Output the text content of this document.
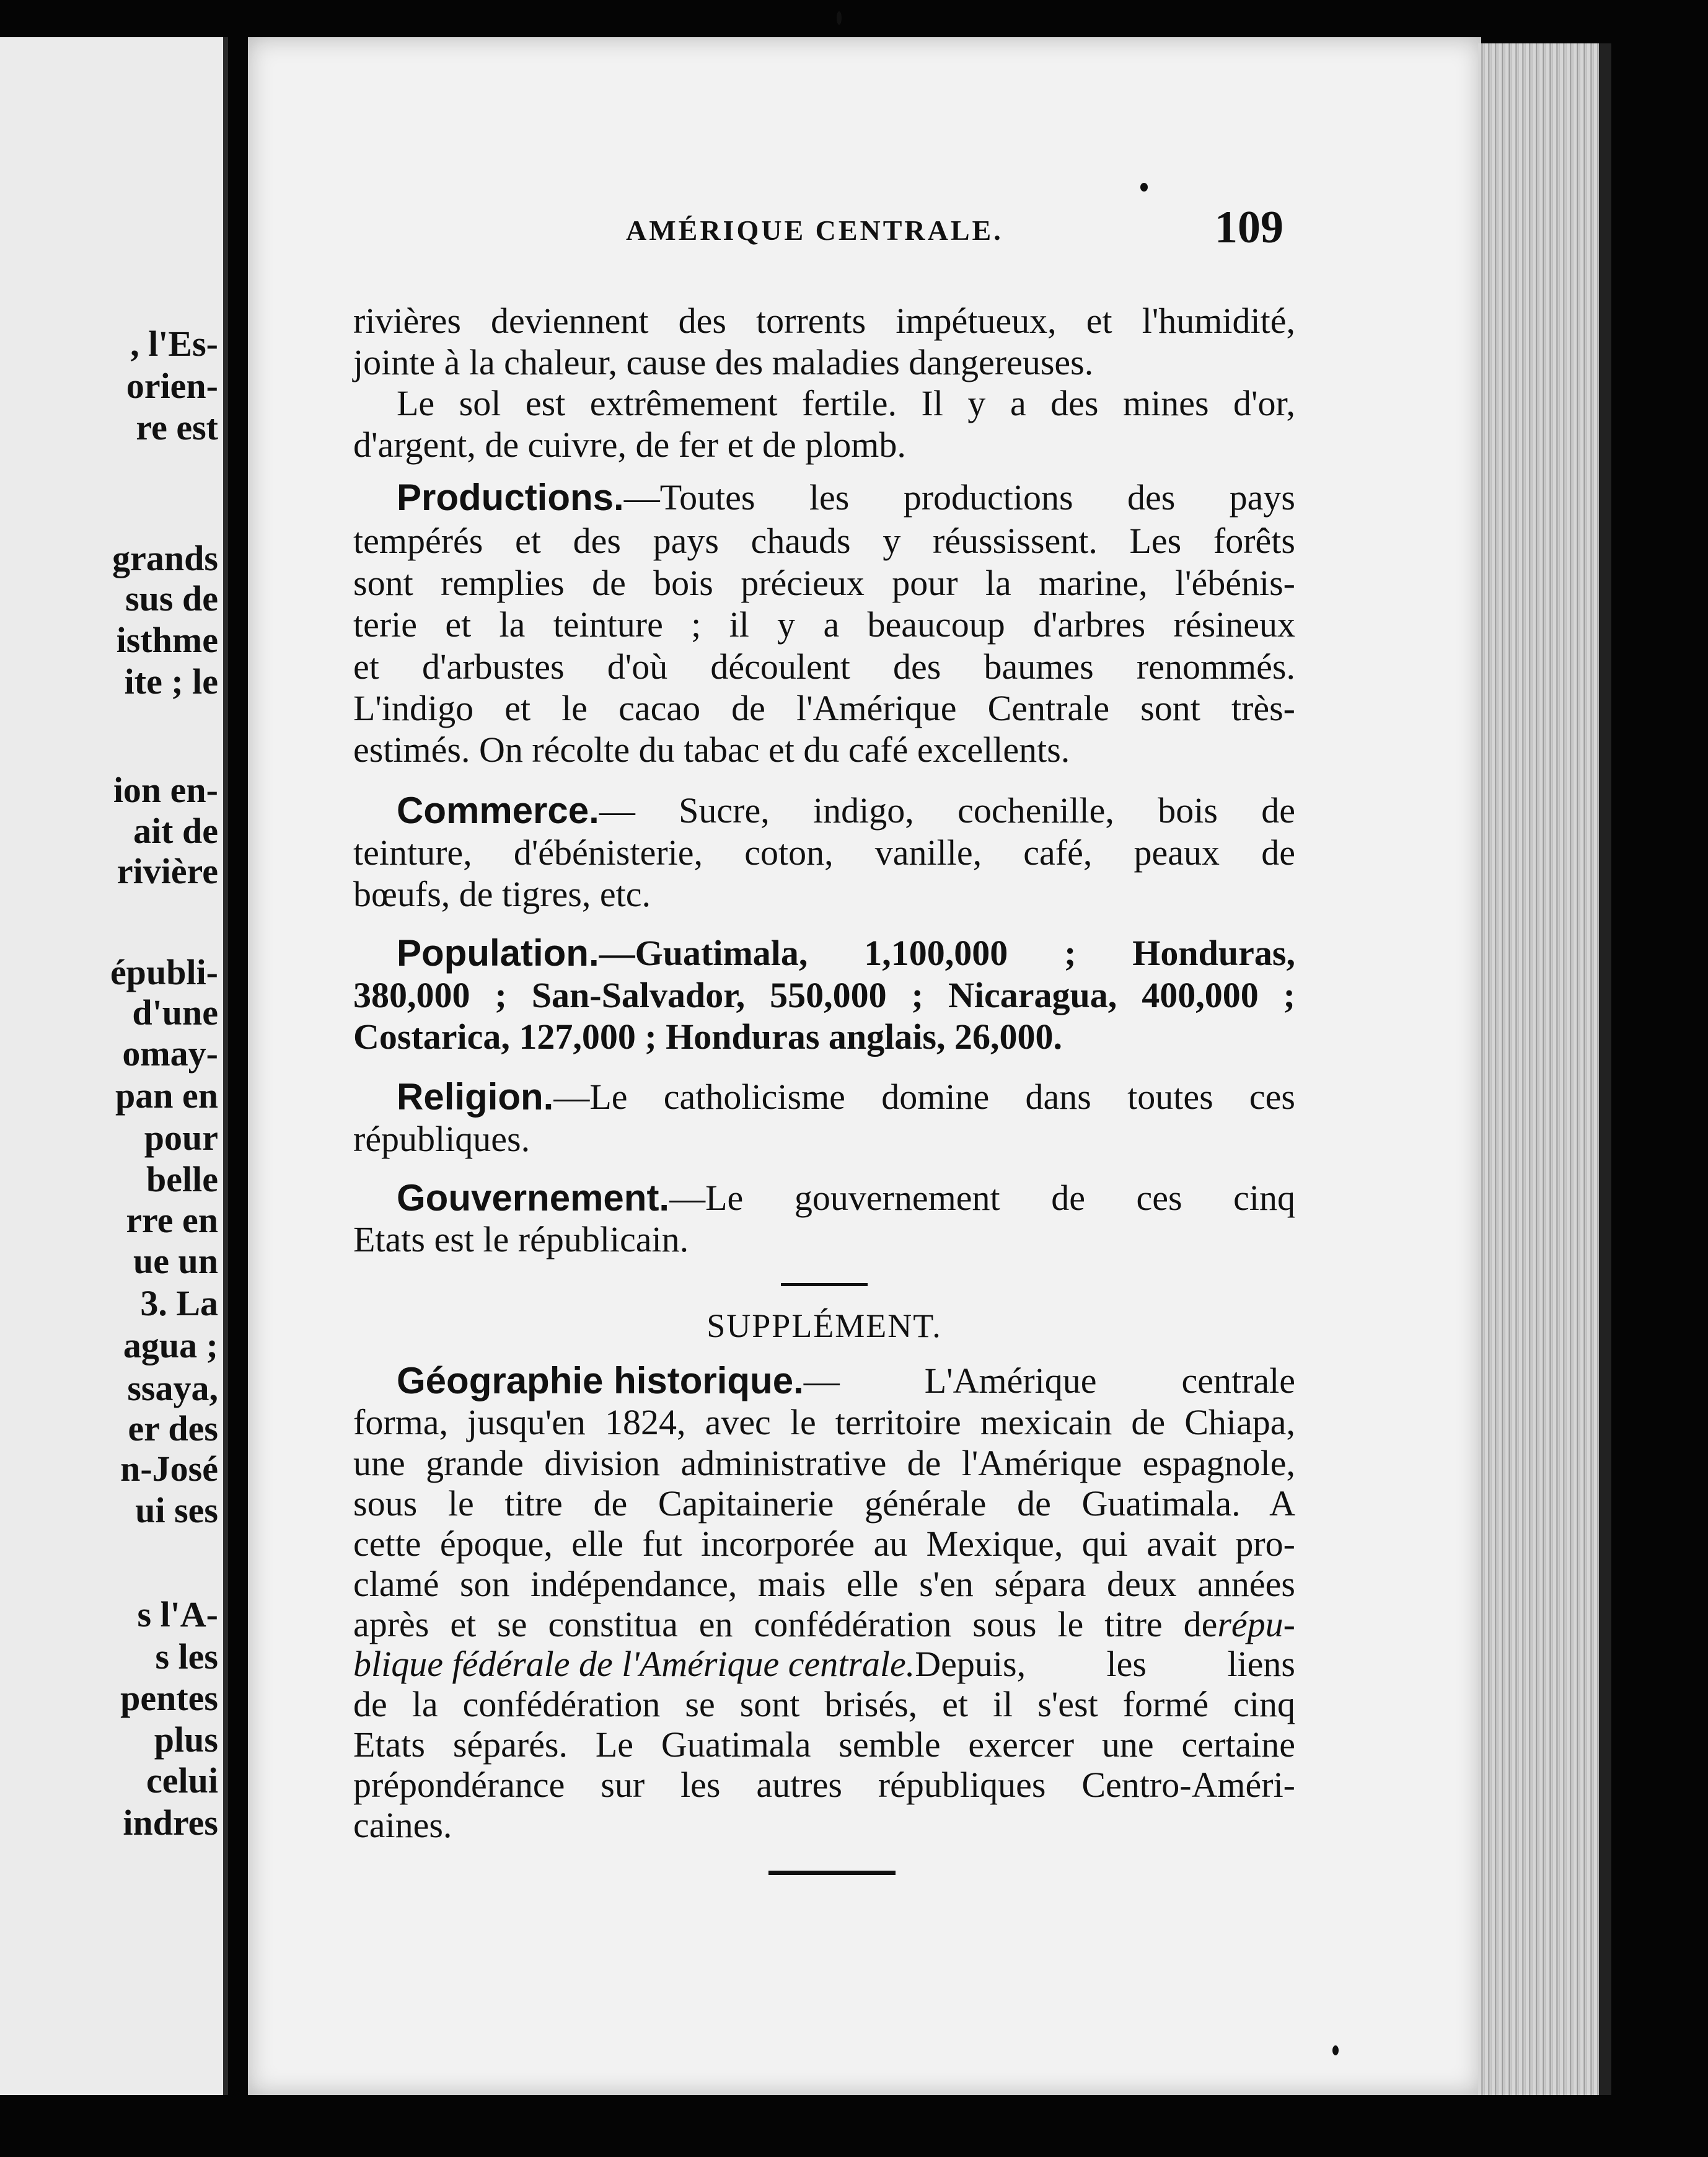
, l'Es-
orien-
re est
grands
sus de
isthme
ite ; le
ion en-
ait de
rivière
épubli-
d'une
omay-
pan en
pour
belle
rre en
ue un
3. La
agua ;
ssaya,
er des
n-José
ui ses
s l'A-
s les
pentes
plus
celui
indres
AMÉRIQUE CENTRALE.	109
rivières deviennent des torrents impétueux, et l'humidité,
jointe à la chaleur, cause des maladies dangereuses.
Le sol est extrêmement fertile. Il y a des mines d'or,
d'argent, de cuivre, de fer et de plomb.
Productions. —Toutes les productions des pays
tempérés et des pays chauds y réussissent. Les forêts
sont remplies de bois précieux pour la marine, l'ébénis-
terie et la teinture ; il y a beaucoup d'arbres résineux
et d'arbustes d'où découlent des baumes renommés.
L'indigo et le cacao de l'Amérique Centrale sont très-
estimés. On récolte du tabac et du café excellents.
Commerce. — Sucre, indigo, cochenille, bois de
teinture, d'ébénisterie, coton, vanille, café, peaux de
bœufs, de tigres, etc.
Population. —Guatimala, 1,100,000 ; Honduras,
380,000 ; San-Salvador, 550,000 ; Nicaragua, 400,000 ;
Costarica, 127,000 ; Honduras anglais, 26,000.
Religion. —Le catholicisme domine dans toutes ces
républiques.
Gouvernement. —Le gouvernement de ces cinq
Etats est le républicain.
SUPPLÉMENT.
Géographie historique. — L'Amérique centrale
forma, jusqu'en 1824, avec le territoire mexicain de Chiapa,
une grande division administrative de l'Amérique espagnole,
sous le titre de Capitainerie générale de Guatimala. A
cette époque, elle fut incorporée au Mexique, qui avait pro-
clamé son indépendance, mais elle s'en sépara deux années
après et se constitua en confédération sous le titre de répu-
blique fédérale de l'Amérique centrale. Depuis, les liens
de la confédération se sont brisés, et il s'est formé cinq
Etats séparés. Le Guatimala semble exercer une certaine
prépondérance sur les autres républiques Centro-Améri-
caines.
